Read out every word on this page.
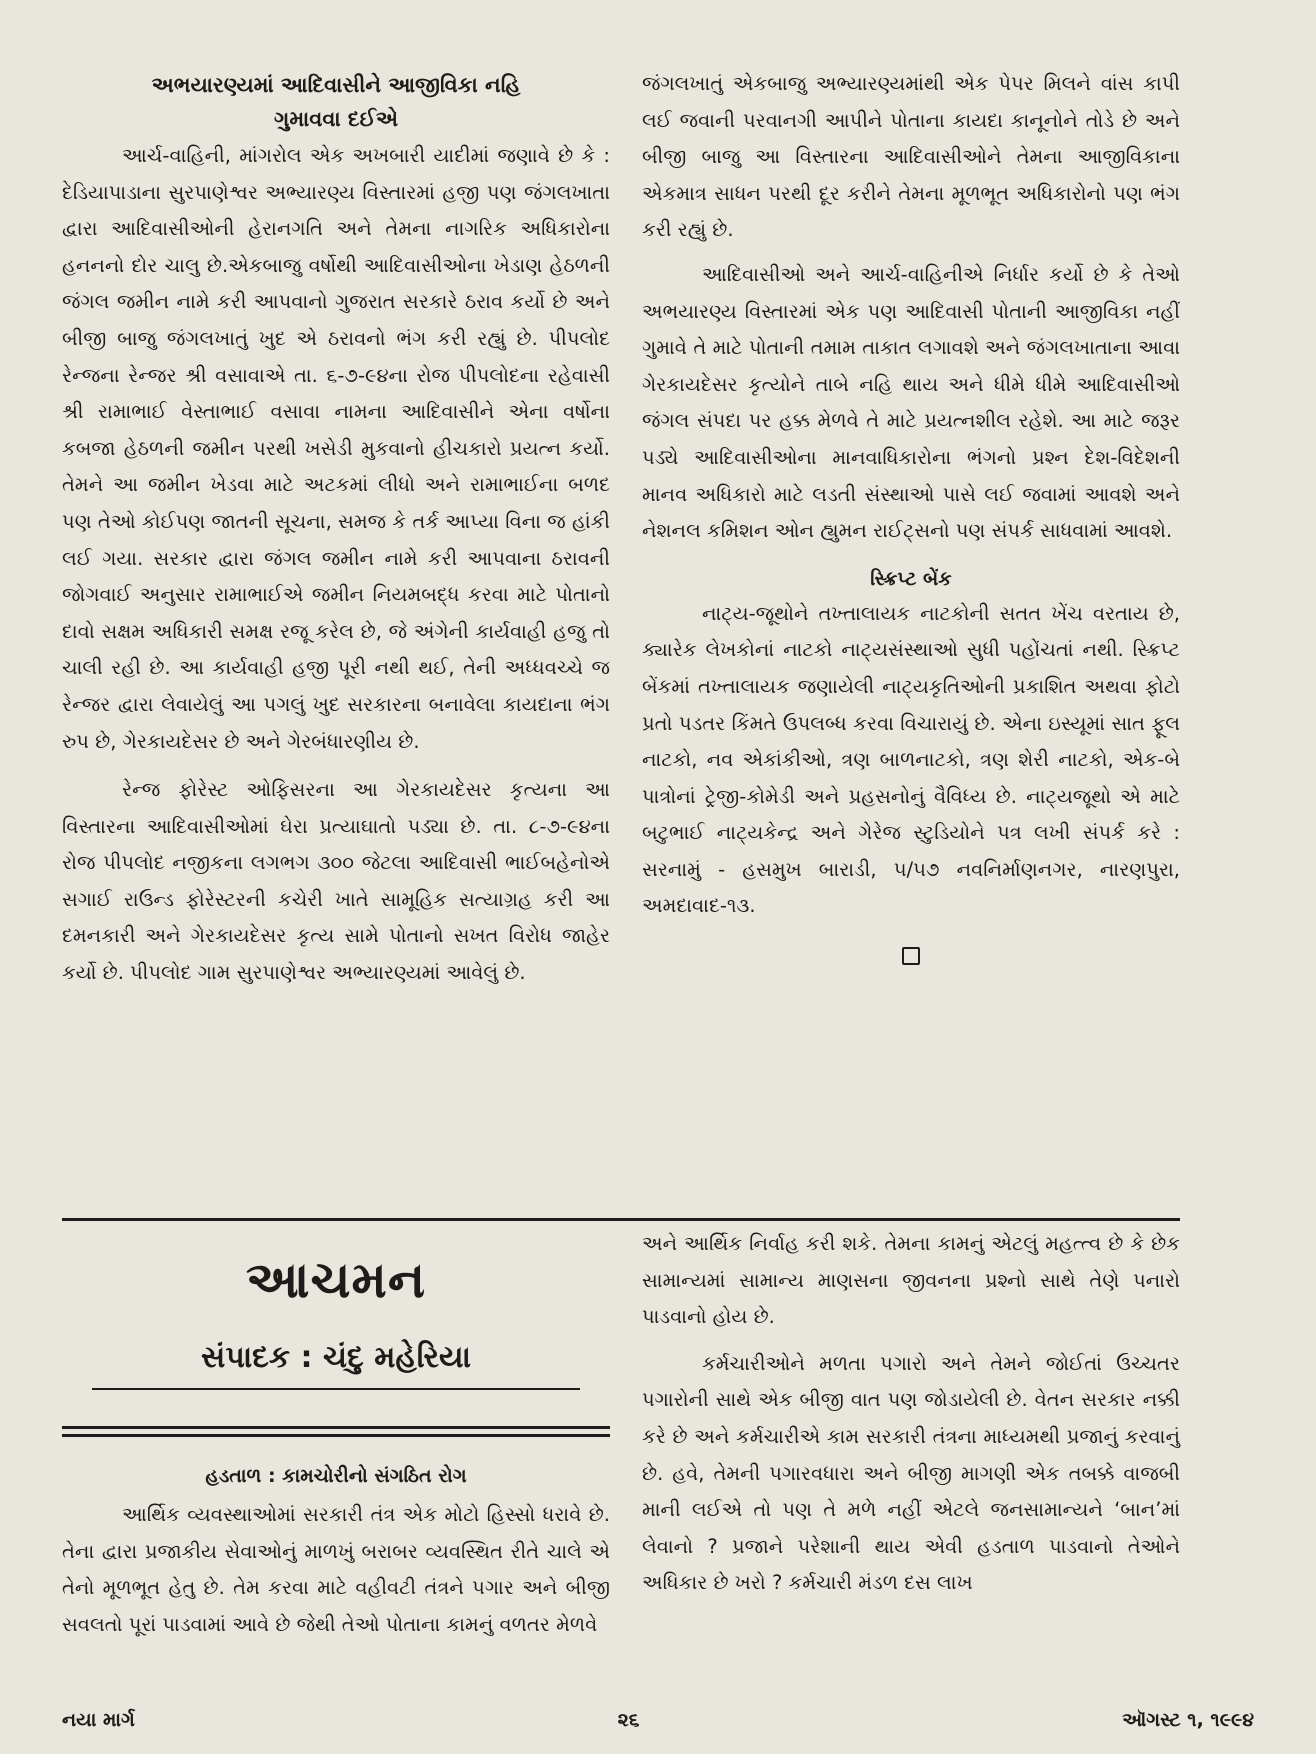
અભયારણ્યમાં આદિવાસીને આજીવિકા નહિ
ગુમાવવા દઈએ

આર્ચ-વાહિની, માંગરોલ એક અખબારી યાદીમાં જણાવે છે કે : દેડિયાપાડાના સુરપાણેશ્વર અભ્યારણ્ય વિસ્તારમાં હજી પણ જંગલખાતા દ્વારા આદિવાસીઓની હેરાનગતિ અને તેમના નાગરિક અધિકારોના હનનનો દોર ચાલુ છે.એકબાજુ વર્ષોથી આદિવાસીઓના ખેડાણ હેઠળની જંગલ જમીન નામે કરી આપવાનો ગુજરાત સરકારે ઠરાવ કર્યો છે અને બીજી બાજુ જંગલખાતું ખુદ એ ઠરાવનો ભંગ કરી રહ્યું છે. પીપલોદ રેન્જના રેન્જર શ્રી વસાવાએ તા. ૬-૭-૯૪ના રોજ પીપલોદના રહેવાસી શ્રી રામાભાઈ વેસ્તાભાઈ વસાવા નામના આદિવાસીને એના વર્ષોના કબજા હેઠળની જમીન પરથી ખસેડી મુકવાનો હીચકારો પ્રયત્ન કર્યો. તેમને આ જમીન ખેડવા માટે અટકમાં લીધો અને રામાભાઈના બળદ પણ તેઓ કોઈપણ જાતની સૂચના, સમજ કે તર્ક આપ્યા વિના જ હાંકી લઈ ગયા. સરકાર દ્વારા જંગલ જમીન નામે કરી આપવાના ઠરાવની જોગવાઈ અનુસાર રામાભાઈએ જમીન નિયમબદ્ધ કરવા માટે પોતાનો દાવો સક્ષમ અધિકારી સમક્ષ રજૂ કરેલ છે, જે અંગેની કાર્યવાહી હજુ તો ચાલી રહી છે. આ કાર્યવાહી હજી પૂરી નથી થઈ, તેની અધ્ધવચ્ચે જ રેન્જર દ્વારા લેવાયેલું આ પગલું ખુદ સરકારના બનાવેલા કાયદાના ભંગ રુપ છે, ગેરકાયદેસર છે અને ગેરબંધારણીય છે.

રેન્જ ફોરેસ્ટ ઓફિસરના આ ગેરકાયદેસર કૃત્યના આ વિસ્તારના આદિવાસીઓમાં ઘેરા પ્રત્યાઘાતો પડ્યા છે. તા. ૮-૭-૯૪ના રોજ પીપલોદ નજીકના લગભગ ૩૦૦ જેટલા આદિવાસી ભાઈબહેનોએ સગાઈ રાઉન્ડ ફોરેસ્ટરની કચેરી ખાતે સામૂહિક સત્યાગ્રહ કરી આ દમનકારી અને ગેરકાયદેસર કૃત્ય સામે પોતાનો સખત વિરોધ જાહેર કર્યો છે. પીપલોદ ગામ સુરપાણેશ્વર અભ્યારણ્યમાં આવેલું છે.

જંગલખાતું એકબાજુ અભ્યારણ્યમાંથી એક પેપર મિલને વાંસ કાપી લઈ જવાની પરવાનગી આપીને પોતાના કાયદા કાનૂનોને તોડે છે અને બીજી બાજુ આ વિસ્તારના આદિવાસીઓને તેમના આજીવિકાના એકમાત્ર સાધન પરથી દૂર કરીને તેમના મૂળભૂત અધિકારોનો પણ ભંગ કરી રહ્યું છે.

આદિવાસીઓ અને આર્ચ-વાહિનીએ નિર્ધાર કર્યો છે કે તેઓ અભયારણ્ય વિસ્તારમાં એક પણ આદિવાસી પોતાની આજીવિકા નહીં ગુમાવે તે માટે પોતાની તમામ તાકાત લગાવશે અને જંગલખાતાના આવા ગેરકાયદેસર કૃત્યોને તાબે નહિ થાય અને ધીમે ધીમે આદિવાસીઓ જંગલ સંપદા પર હક્ક મેળવે તે માટે પ્રયત્નશીલ રહેશે. આ માટે જરૂર પડ્યે આદિવાસીઓના માનવાધિકારોના ભંગનો પ્રશ્ન દેશ-વિદેશની માનવ અધિકારો માટે લડતી સંસ્થાઓ પાસે લઈ જવામાં આવશે અને નેશનલ કમિશન ઓન હ્યુમન રાઈટ્સનો પણ સંપર્ક સાધવામાં આવશે.

સ્ક્રિપ્ટ બેંક

નાટ્ય-જૂથોને તખ્તાલાયક નાટકોની સતત ખેંચ વરતાય છે, ક્યારેક લેખકોનાં નાટકો નાટ્યસંસ્થાઓ સુધી પહોંચતાં નથી. સ્ક્રિપ્ટ બેંકમાં તખ્તાલાયક જણાયેલી નાટ્યકૃતિઓની પ્રકાશિત અથવા ફોટો પ્રતો પડતર કિંમતે ઉપલબ્ધ કરવા વિચારાયું છે. એના ઇસ્યૂમાં સાત ફૂલ નાટકો, નવ એકાંકીઓ, ત્રણ બાળનાટકો, ત્રણ શેરી નાટકો, એક-બે પાત્રોનાં ટ્રેજી-કોમેડી અને પ્રહસનોનું વૈવિધ્ય છે. નાટ્યજૂથો એ માટે બટુભાઈ નાટ્યકેન્દ્ર અને ગેરેજ સ્ટુડિયોને પત્ર લખી સંપર્ક કરે : સરનામું - હસમુખ બારાડી, ૫/૫૭ નવનિર્માણનગર, નારણપુરા, અમદાવાદ-૧૩.

આચમન
સંપાદક : ચંદુ મહેરિયા
હડતાળ : કામચોરીનો સંગઠિત રોગ

આર્થિક વ્યવસ્થાઓમાં સરકારી તંત્ર એક મોટો હિસ્સો ધરાવે છે. તેના દ્વારા પ્રજાકીય સેવાઓનું માળખું બરાબર વ્યવસ્થિત રીતે ચાલે એ તેનો મૂળભૂત હેતુ છે. તેમ કરવા માટે વહીવટી તંત્રને પગાર અને બીજી સવલતો પૂરાં પાડવામાં આવે છે જેથી તેઓ પોતાના કામનું વળતર મેળવે

અને આર્થિક નિર્વાહ કરી શકે. તેમના કામનું એટલું મહત્ત્વ છે કે છેક સામાન્યમાં સામાન્ય માણસના જીવનના પ્રશ્નો સાથે તેણે પનારો પાડવાનો હોય છે.

કર્મચારીઓને મળતા પગારો અને તેમને જોઈતાં ઉચ્ચતર પગારોની સાથે એક બીજી વાત પણ જોડાયેલી છે. વેતન સરકાર નક્કી કરે છે અને કર્મચારીએ કામ સરકારી તંત્રના માધ્યમથી પ્રજાનું કરવાનું છે. હવે, તેમની પગારવધારા અને બીજી માગણી એક તબક્કે વાજબી માની લઈએ તો પણ તે મળે નહીં એટલે જનસામાન્યને ‘બાન’માં લેવાનો ? પ્રજાને પરેશાની થાય એવી હડતાળ પાડવાનો તેઓને અધિકાર છે ખરો ? કર્મચારી મંડળ દસ લાખ

નયા માર્ગ	૨૬	ઑગસ્ટ ૧, ૧૯૯૪
